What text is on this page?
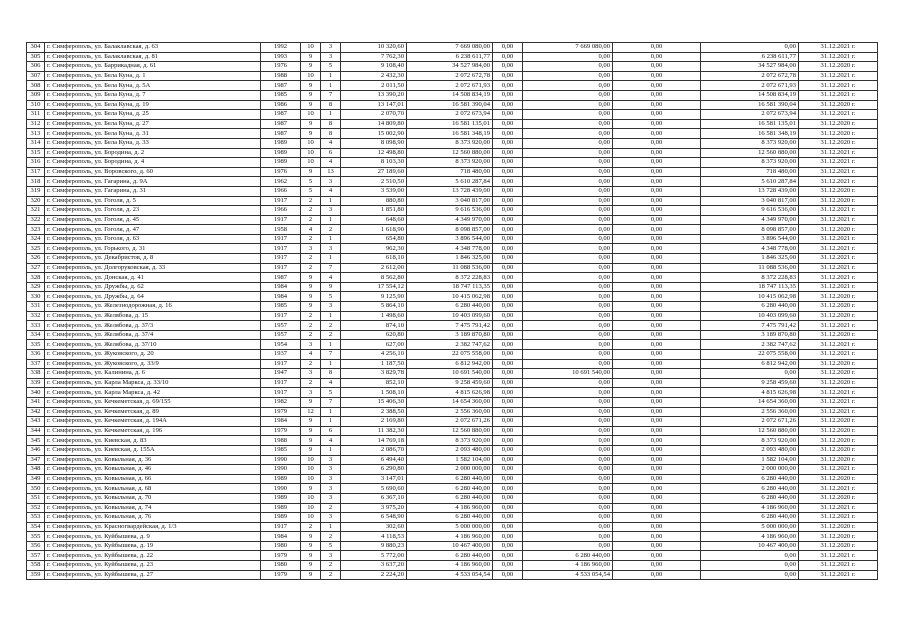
304	г. Симферополь, ул. Балаклавская, д. 63	1992	10	3	10 320,60	7 669 080,00	0,00	7 669 080,00	0,00	0,00	31.12.2021 г.
305	г. Симферополь, ул. Балаклавская, д. 81	1993	9	3	7 762,30	6 238 611,77	0,00	0,00	0,00	6 238 611,77	31.12.2021 г.
306	г. Симферополь, ул. Баррикадная, д. 61	1976	9	5	9 108,40	34 527 984,00	0,00	0,00	0,00	34 527 984,00	31.12.2020 г.
307	г. Симферополь, ул. Бела Куна, д. 1	1988	10	1	2 432,30	2 072 672,78	0,00	0,00	0,00	2 072 672,78	31.12.2021 г.
308	г. Симферополь, ул. Бела Куна, д. 5А	1987	9	1	2 011,50	2 072 671,93	0,00	0,00	0,00	2 072 671,93	31.12.2021 г.
309	г. Симферополь, ул. Бела Куна, д. 7	1985	9	7	13 390,20	14 508 834,19	0,00	0,00	0,00	14 508 834,19	31.12.2021 г.
310	г. Симферополь, ул. Бела Куна, д. 19	1986	9	8	13 147,01	16 581 390,04	0,00	0,00	0,00	16 581 390,04	31.12.2020 г.
311	г. Симферополь, ул. Бела Куна, д. 25	1987	10	1	2 070,70	2 072 673,94	0,00	0,00	0,00	2 072 673,94	31.12.2021 г.
312	г. Симферополь, ул. Бела Куна, д. 27	1987	9	8	14 809,80	16 581 135,01	0,00	0,00	0,00	16 581 135,01	31.12.2020 г.
313	г. Симферополь, ул. Бела Куна, д. 31	1987	9	8	15 002,90	16 581 348,19	0,00	0,00	0,00	16 581 348,19	31.12.2020 г.
314	г. Симферополь, ул. Бела Куна, д. 33	1989	10	4	8 098,90	8 373 920,00	0,00	0,00	0,00	8 373 920,00	31.12.2020 г.
315	г. Симферополь, ул. Бородина, д. 2	1989	10	6	12 498,80	12 560 880,00	0,00	0,00	0,00	12 560 880,00	31.12.2021 г.
316	г. Симферополь, ул. Бородина, д. 4	1989	10	4	8 103,30	8 373 920,00	0,00	0,00	0,00	8 373 920,00	31.12.2021 г.
317	г. Симферополь, ул. Воровского, д. 60	1976	9	13	27 189,60	718 480,00	0,00	0,00	0,00	718 480,00	31.12.2021 г.
318	г. Симферополь, ул. Гагарина, д. 9А	1962	5	3	2 510,50	5 610 287,84	0,00	0,00	0,00	5 610 287,84	31.12.2021 г.
319	г. Симферополь, ул. Гагарина, д. 31	1966	5	4	3 539,00	13 728 439,00	0,00	0,00	0,00	13 728 439,00	31.12.2020 г.
320	г. Симферополь, ул. Гоголя, д. 5	1917	2	1	880,80	3 040 817,00	0,00	0,00	0,00	3 040 817,00	31.12.2020 г.
321	г. Симферополь, ул. Гоголя, д. 23	1966	2	3	1 851,80	9 616 536,00	0,00	0,00	0,00	9 616 536,00	31.12.2021 г.
322	г. Симферополь, ул. Гоголя, д. 45	1917	2	1	648,60	4 349 970,00	0,00	0,00	0,00	4 349 970,00	31.12.2021 г.
323	г. Симферополь, ул. Гоголя, д. 47	1958	4	2	1 618,90	8 098 857,00	0,00	0,00	0,00	8 098 857,00	31.12.2020 г.
324	г. Симферополь, ул. Гоголя, д. 63	1917	2	1	654,80	3 896 544,00	0,00	0,00	0,00	3 896 544,00	31.12.2021 г.
325	г. Симферополь, ул. Горького, д. 31	1917	3	3	962,30	4 348 778,00	0,00	0,00	0,00	4 348 778,00	31.12.2021 г.
326	г. Симферополь, ул. Декабристов, д. 8	1917	2	1	618,10	1 846 325,00	0,00	0,00	0,00	1 846 325,00	31.12.2021 г.
327	г. Симферополь, ул. Долгоруковская, д. 33	1917	2	7	2 612,00	11 088 536,00	0,00	0,00	0,00	11 088 536,00	31.12.2021 г.
328	г. Симферополь, ул. Донская, д. 41	1987	9	4	8 562,80	8 372 228,83	0,00	0,00	0,00	8 372 228,83	31.12.2021 г.
329	г. Симферополь, ул. Дружбы, д. 62	1984	9	9	17 554,12	18 747 113,35	0,00	0,00	0,00	18 747 113,35	31.12.2021 г.
330	г. Симферополь, ул. Дружбы, д. 64	1984	9	5	9 125,90	10 415 062,98	0,00	0,00	0,00	10 415 062,98	31.12.2020 г.
331	г. Симферополь, ул. Железнодорожная, д. 16	1985	9	3	5 864,10	6 280 440,00	0,00	0,00	0,00	6 280 440,00	31.12.2020 г.
332	г. Симферополь, ул. Желябова, д. 15	1917	2	1	1 498,60	10 403 099,60	0,00	0,00	0,00	10 403 099,60	31.12.2020 г.
333	г. Симферополь, ул. Желябова, д. 37/3	1957	2	2	874,10	7 475 791,42	0,00	0,00	0,00	7 475 791,42	31.12.2021 г.
334	г. Симферополь, ул. Желябова, д. 37/4	1957	2	2	620,80	3 189 870,80	0,00	0,00	0,00	3 189 870,80	31.12.2020 г.
335	г. Симферополь, ул. Желябова, д. 37/10	1954	3	1	627,00	2 382 747,62	0,00	0,00	0,00	2 382 747,62	31.12.2021 г.
336	г. Симферополь, ул. Жуковского, д. 20	1937	4	7	4 256,10	22 075 558,00	0,00	0,00	0,00	22 075 558,00	31.12.2021 г.
337	г. Симферополь, ул. Жуковского, д. 33/9	1917	2	1	1 187,50	6 812 942,00	0,00	0,00	0,00	6 812 942,00	31.12.2020 г.
338	г. Симферополь, ул. Калинина, д. 6	1947	3	8	3 829,78	10 691 540,00	0,00	10 691 540,00	0,00	0,00	31.12.2020 г.
339	г. Симферополь, ул. Карла Маркса, д. 33/10	1917	2	4	852,10	9 258 459,60	0,00	0,00	0,00	9 258 459,60	31.12.2020 г.
340	г. Симферополь, ул. Карла Маркса, д. 42	1917	3	5	1 508,10	4 815 626,98	0,00	0,00	0,00	4 815 626,98	31.12.2021 г.
341	г. Симферополь, ул. Кечкеметская, д. 69/155	1982	9	7	15 406,30	14 654 360,00	0,00	0,00	0,00	14 654 360,00	31.12.2021 г.
342	г. Симферополь, ул. Кечкеметская, д. 89	1979	12	1	2 388,50	2 556 360,00	0,00	0,00	0,00	2 556 360,00	31.12.2021 г.
343	г. Симферополь, ул. Кечкеметская, д. 194А	1984	9	1	2 169,80	2 072 671,26	0,00	0,00	0,00	2 072 671,26	31.12.2020 г.
344	г. Симферополь, ул. Кечкеметская, д. 196	1979	9	6	11 382,30	12 560 880,00	0,00	0,00	0,00	12 560 880,00	31.12.2020 г.
345	г. Симферополь, ул. Киевская, д. 83	1988	9	4	14 769,18	8 373 920,00	0,00	0,00	0,00	8 373 920,00	31.12.2020 г.
346	г. Симферополь, ул. Киевская, д. 155А	1985	9	1	2 086,70	2 093 480,00	0,00	0,00	0,00	2 093 480,00	31.12.2020 г.
347	г. Симферополь, ул. Ковыльная, д. 36	1990	10	3	6 494,40	1 582 104,00	0,00	0,00	0,00	1 582 104,00	31.12.2020 г.
348	г. Симферополь, ул. Ковыльная, д. 46	1990	10	3	6 290,80	2 000 000,00	0,00	0,00	0,00	2 000 000,00	31.12.2021 г.
349	г. Симферополь, ул. Ковыльная, д. 66	1989	10	3	3 147,01	6 280 440,00	0,00	0,00	0,00	6 280 440,00	31.12.2020 г.
350	г. Симферополь, ул. Ковыльная, д. 68	1990	9	3	5 690,60	6 280 440,00	0,00	0,00	0,00	6 280 440,00	31.12.2021 г.
351	г. Симферополь, ул. Ковыльная, д. 70	1989	10	3	6 367,10	6 280 440,00	0,00	0,00	0,00	6 280 440,00	31.12.2020 г.
352	г. Симферополь, ул. Ковыльная, д. 74	1989	10	2	3 975,20	4 186 960,00	0,00	0,00	0,00	4 186 960,00	31.12.2021 г.
353	г. Симферополь, ул. Ковыльная, д. 76	1989	10	3	6 548,90	6 280 440,00	0,00	0,00	0,00	6 280 440,00	31.12.2021 г.
354	г. Симферополь, ул. Красногвардейская, д. 1/3	1917	2	1	302,60	5 000 000,00	0,00	0,00	0,00	5 000 000,00	31.12.2020 г.
355	г. Симферополь, ул. Куйбышева, д. 9	1984	9	2	4 118,53	4 186 960,00	0,00	0,00	0,00	4 186 960,00	31.12.2020 г.
356	г. Симферополь, ул. Куйбышева, д. 19	1980	9	5	9 880,23	10 467 400,00	0,00	0,00	0,00	10 467 400,00	31.12.2020 г.
357	г. Симферополь, ул. Куйбышева, д. 22	1979	9	3	5 772,00	6 280 440,00	0,00	6 280 440,00	0,00	0,00	31.12.2021 г.
358	г. Симферополь, ул. Куйбышева, д. 23	1980	9	2	3 637,20	4 186 960,00	0,00	4 186 960,00	0,00	0,00	31.12.2021 г.
359	г. Симферополь, ул. Куйбышева, д. 27	1979	9	2	2 224,20	4 533 054,54	0,00	4 533 054,54	0,00	0,00	31.12.2021 г.
